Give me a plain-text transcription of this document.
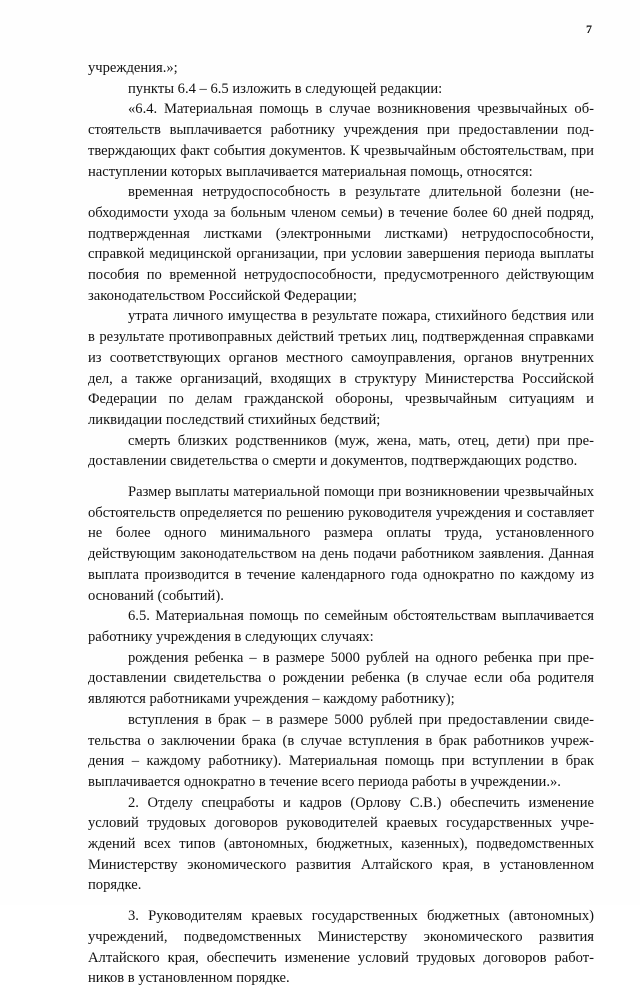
7

учреждения.»;

пункты 6.4 – 6.5 изложить в следующей редакции:

«6.4. Материальная помощь в случае возникновения чрезвычайных обстоятельств выплачивается работнику учреждения при предоставлении подтверждающих факт события документов. К чрезвычайным обстоятельствам, при наступлении которых выплачивается материальная помощь, относятся:

временная нетрудоспособность в результате длительной болезни (необходимости ухода за больным членом семьи) в течение более 60 дней подряд, подтвержденная листками (электронными листками) нетрудоспособности, справкой медицинской организации, при условии завершения периода выплаты пособия по временной нетрудоспособности, предусмотренного действующим законодательством Российской Федерации;

утрата личного имущества в результате пожара, стихийного бедствия или в результате противоправных действий третьих лиц, подтвержденная справками из соответствующих органов местного самоуправления, органов внутренних дел, а также организаций, входящих в структуру Министерства Российской Федерации по делам гражданской обороны, чрезвычайным ситуациям и ликвидации последствий стихийных бедствий;

смерть близких родственников (муж, жена, мать, отец, дети) при предоставлении свидетельства о смерти и документов, подтверждающих родство.

Размер выплаты материальной помощи при возникновении чрезвычайных обстоятельств определяется по решению руководителя учреждения и составляет не более одного минимального размера оплаты труда, установленного действующим законодательством на день подачи работником заявления. Данная выплата производится в течение календарного года однократно по каждому из оснований (событий).

6.5. Материальная помощь по семейным обстоятельствам выплачивается работнику учреждения в следующих случаях:

рождения ребенка – в размере 5000 рублей на одного ребенка при предоставлении свидетельства о рождении ребенка (в случае если оба родителя являются работниками учреждения – каждому работнику);

вступления в брак – в размере 5000 рублей при предоставлении свидетельства о заключении брака (в случае вступления в брак работников учреждения – каждому работнику). Материальная помощь при вступлении в брак выплачивается однократно в течение всего периода работы в учреждении.».

2. Отделу спецработы и кадров (Орлову С.В.) обеспечить изменение условий трудовых договоров руководителей краевых государственных учреждений всех типов (автономных, бюджетных, казенных), подведомственных Министерству экономического развития Алтайского края, в установленном порядке.

3. Руководителям краевых государственных бюджетных (автономных) учреждений, подведомственных Министерству экономического развития Алтайского края, обеспечить изменение условий трудовых договоров работников в установленном порядке.
